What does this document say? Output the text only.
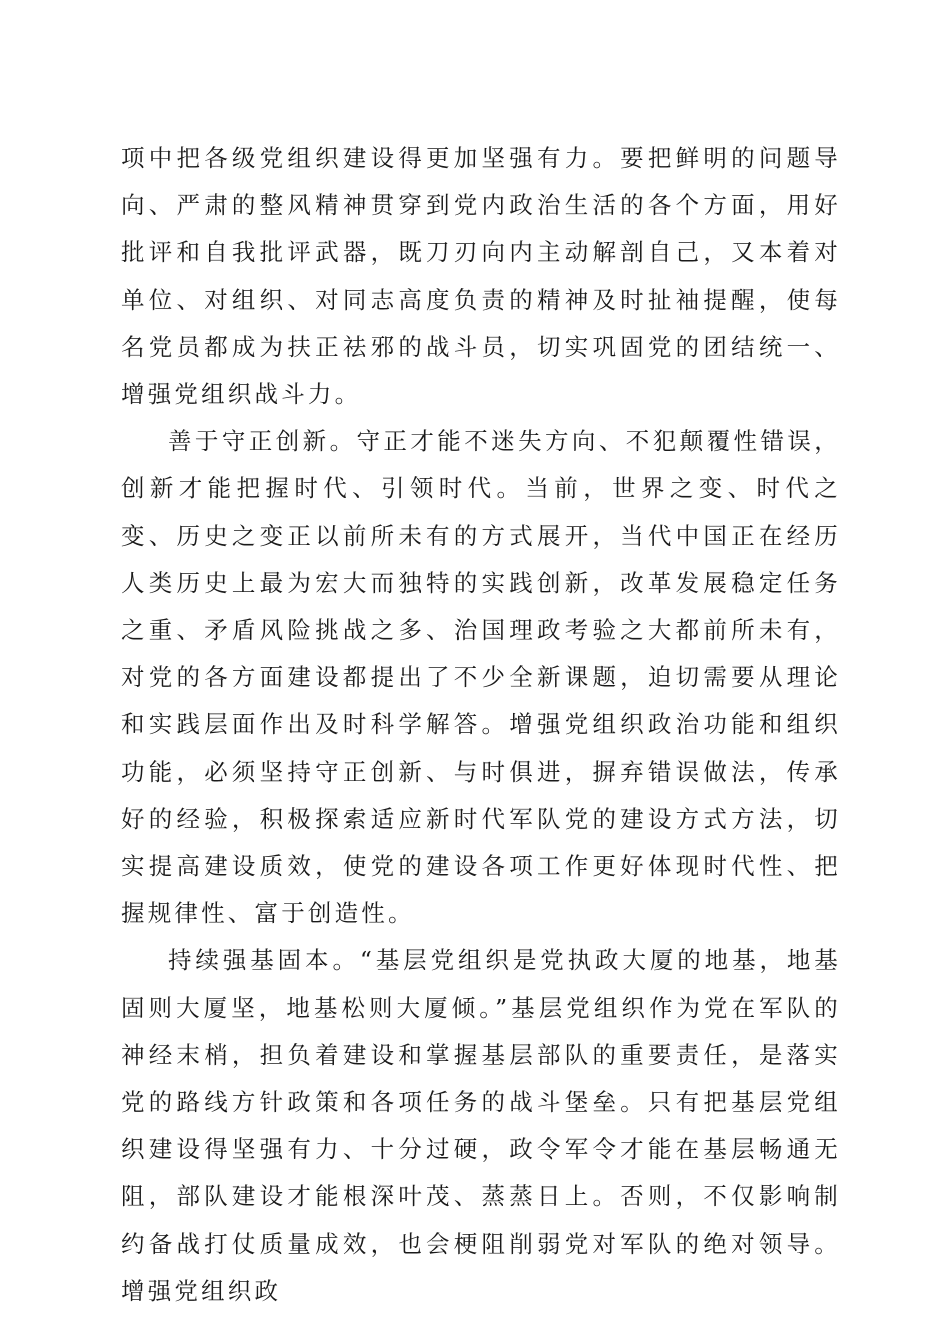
项中把各级党组织建设得更加坚强有力。要把鲜明的问题导向、严肃的整风精神贯穿到党内政治生活的各个方面，用好批评和自我批评武器，既刀刃向内主动解剖自己，又本着对单位、对组织、对同志高度负责的精神及时扯袖提醒，使每名党员都成为扶正祛邪的战斗员，切实巩固党的团结统一、增强党组织战斗力。

善于守正创新。守正才能不迷失方向、不犯颠覆性错误，创新才能把握时代、引领时代。当前，世界之变、时代之变、历史之变正以前所未有的方式展开，当代中国正在经历人类历史上最为宏大而独特的实践创新，改革发展稳定任务之重、矛盾风险挑战之多、治国理政考验之大都前所未有，对党的各方面建设都提出了不少全新课题，迫切需要从理论和实践层面作出及时科学解答。增强党组织政治功能和组织功能，必须坚持守正创新、与时俱进，摒弃错误做法，传承好的经验，积极探索适应新时代军队党的建设方式方法，切实提高建设质效，使党的建设各项工作更好体现时代性、把握规律性、富于创造性。

持续强基固本。“基层党组织是党执政大厦的地基，地基固则大厦坚，地基松则大厦倾。”基层党组织作为党在军队的神经末梢，担负着建设和掌握基层部队的重要责任，是落实党的路线方针政策和各项任务的战斗堡垒。只有把基层党组织建设得坚强有力、十分过硬，政令军令才能在基层畅通无阻，部队建设才能根深叶茂、蒸蒸日上。否则，不仅影响制约备战打仗质量成效，也会梗阻削弱党对军队的绝对领导。增强党组织政
